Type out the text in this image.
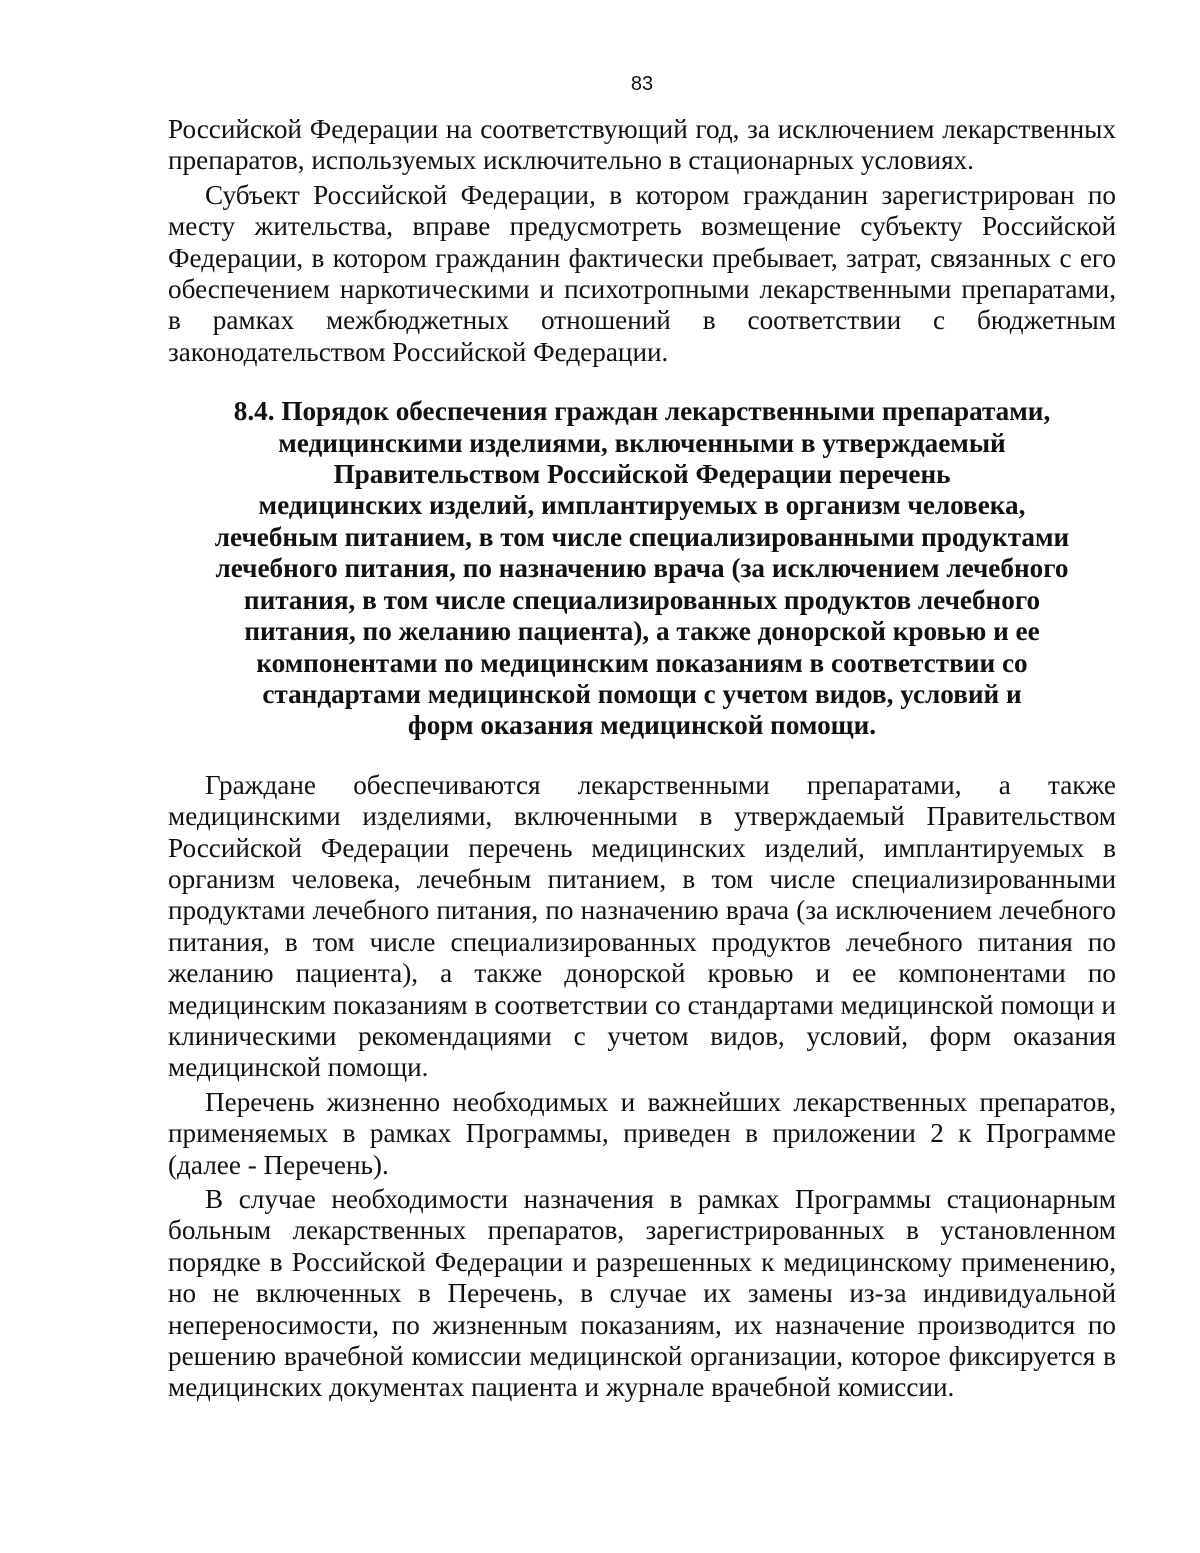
83

Российской Федерации на соответствующий год, за исключением лекарственных препаратов, используемых исключительно в стационарных условиях.

Субъект Российской Федерации, в котором гражданин зарегистрирован по месту жительства, вправе предусмотреть возмещение субъекту Российской Федерации, в котором гражданин фактически пребывает, затрат, связанных с его обеспечением наркотическими и психотропными лекарственными препаратами, в рамках межбюджетных отношений в соответствии с бюджетным законодательством Российской Федерации.

8.4. Порядок обеспечения граждан лекарственными препаратами,
медицинскими изделиями, включенными в утверждаемый
Правительством Российской Федерации перечень
медицинских изделий, имплантируемых в организм человека,
лечебным питанием, в том числе специализированными продуктами
лечебного питания, по назначению врача (за исключением лечебного
питания, в том числе специализированных продуктов лечебного
питания, по желанию пациента), а также донорской кровью и ее
компонентами по медицинским показаниям в соответствии со
стандартами медицинской помощи с учетом видов, условий и
форм оказания медицинской помощи.

Граждане обеспечиваются лекарственными препаратами, а также медицинскими изделиями, включенными в утверждаемый Правительством Российской Федерации перечень медицинских изделий, имплантируемых в организм человека, лечебным питанием, в том числе специализированными продуктами лечебного питания, по назначению врача (за исключением лечебного питания, в том числе специализированных продуктов лечебного питания по желанию пациента), а также донорской кровью и ее компонентами по медицинским показаниям в соответствии со стандартами медицинской помощи и клиническими рекомендациями с учетом видов, условий, форм оказания медицинской помощи.

Перечень жизненно необходимых и важнейших лекарственных препаратов, применяемых в рамках Программы, приведен в приложении 2 к Программе (далее - Перечень).

В случае необходимости назначения в рамках Программы стационарным больным лекарственных препаратов, зарегистрированных в установленном порядке в Российской Федерации и разрешенных к медицинскому применению, но не включенных в Перечень, в случае их замены из-за индивидуальной непереносимости, по жизненным показаниям, их назначение производится по решению врачебной комиссии медицинской организации, которое фиксируется в медицинских документах пациента и журнале врачебной комиссии.
